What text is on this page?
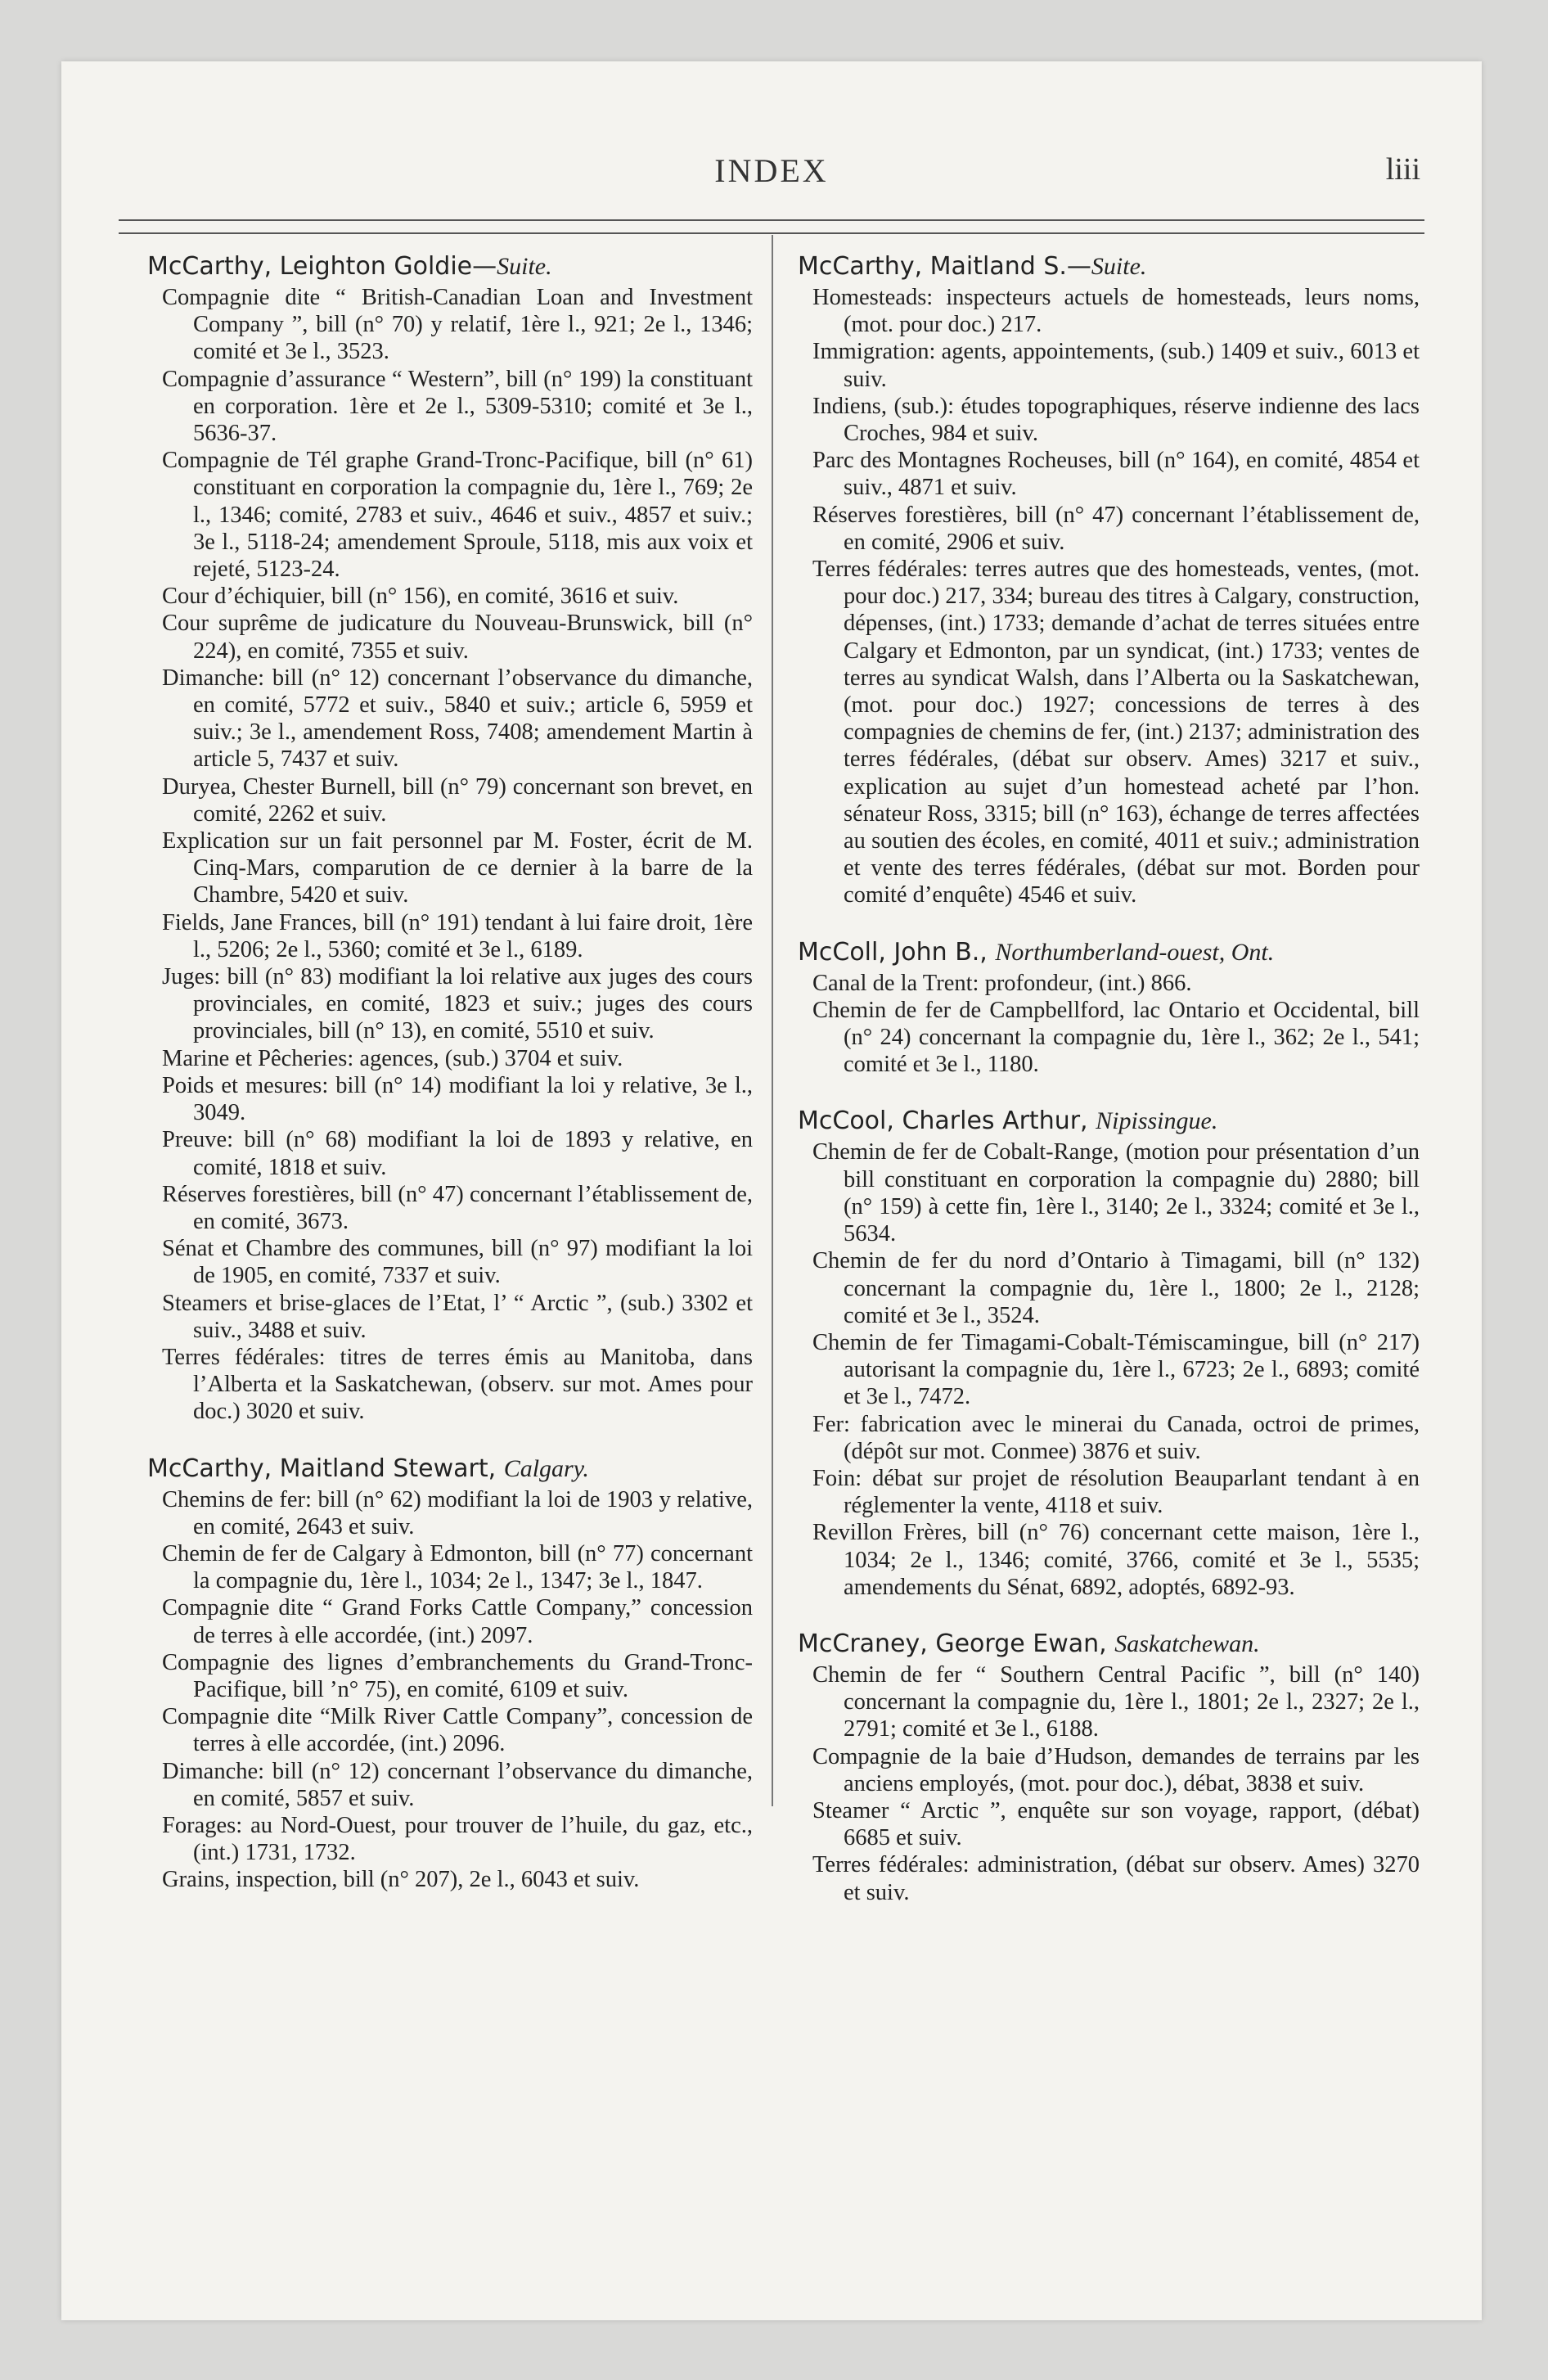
INDEX	liii
McCarthy, Leighton Goldie—Suite.
Compagnie dite “ British-Canadian Loan and Investment Company ”, bill (n° 70) y relatif, 1ère l., 921; 2e l., 1346; comité et 3e l., 3523.
Compagnie d’assurance “ Western”, bill (n° 199) la constituant en corporation. 1ère et 2e l., 5309-5310; comité et 3e l., 5636-37.
Compagnie de Tél graphe Grand-Tronc-Pacifique, bill (n° 61) constituant en corporation la compagnie du, 1ère l., 769; 2e l., 1346; comité, 2783 et suiv., 4646 et suiv., 4857 et suiv.; 3e l., 5118-24; amendement Sproule, 5118, mis aux voix et rejeté, 5123-24.
Cour d’échiquier, bill (n° 156), en comité, 3616 et suiv.
Cour suprême de judicature du Nouveau-Brunswick, bill (n° 224), en comité, 7355 et suiv.
Dimanche: bill (n° 12) concernant l’observance du dimanche, en comité, 5772 et suiv., 5840 et suiv.; article 6, 5959 et suiv.; 3e l., amendement Ross, 7408; amendement Martin à article 5, 7437 et suiv.
Duryea, Chester Burnell, bill (n° 79) concernant son brevet, en comité, 2262 et suiv.
Explication sur un fait personnel par M. Foster, écrit de M. Cinq-Mars, comparution de ce dernier à la barre de la Chambre, 5420 et suiv.
Fields, Jane Frances, bill (n° 191) tendant à lui faire droit, 1ère l., 5206; 2e l., 5360; comité et 3e l., 6189.
Juges: bill (n° 83) modifiant la loi relative aux juges des cours provinciales, en comité, 1823 et suiv.; juges des cours provinciales, bill (n° 13), en comité, 5510 et suiv.
Marine et Pêcheries: agences, (sub.) 3704 et suiv.
Poids et mesures: bill (n° 14) modifiant la loi y relative, 3e l., 3049.
Preuve: bill (n° 68) modifiant la loi de 1893 y relative, en comité, 1818 et suiv.
Réserves forestières, bill (n° 47) concernant l’établissement de, en comité, 3673.
Sénat et Chambre des communes, bill (n° 97) modifiant la loi de 1905, en comité, 7337 et suiv.
Steamers et brise-glaces de l’Etat, l’ “ Arctic ”, (sub.) 3302 et suiv., 3488 et suiv.
Terres fédérales: titres de terres émis au Manitoba, dans l’Alberta et la Saskatchewan, (observ. sur mot. Ames pour doc.) 3020 et suiv.
McCarthy, Maitland Stewart, Calgary.
Chemins de fer: bill (n° 62) modifiant la loi de 1903 y relative, en comité, 2643 et suiv.
Chemin de fer de Calgary à Edmonton, bill (n° 77) concernant la compagnie du, 1ère l., 1034; 2e l., 1347; 3e l., 1847.
Compagnie dite “ Grand Forks Cattle Company,” concession de terres à elle accordée, (int.) 2097.
Compagnie des lignes d’embranchements du Grand-Tronc-Pacifique, bill ’n° 75), en comité, 6109 et suiv.
Compagnie dite “Milk River Cattle Company”, concession de terres à elle accordée, (int.) 2096.
Dimanche: bill (n° 12) concernant l’observance du dimanche, en comité, 5857 et suiv.
Forages: au Nord-Ouest, pour trouver de l’huile, du gaz, etc., (int.) 1731, 1732.
Grains, inspection, bill (n° 207), 2e l., 6043 et suiv.
McCarthy, Maitland S.—Suite.
Homesteads: inspecteurs actuels de homesteads, leurs noms, (mot. pour doc.) 217.
Immigration: agents, appointements, (sub.) 1409 et suiv., 6013 et suiv.
Indiens, (sub.): études topographiques, réserve indienne des lacs Croches, 984 et suiv.
Parc des Montagnes Rocheuses, bill (n° 164), en comité, 4854 et suiv., 4871 et suiv.
Réserves forestières, bill (n° 47) concernant l’établissement de, en comité, 2906 et suiv.
Terres fédérales: terres autres que des homesteads, ventes, (mot. pour doc.) 217, 334; bureau des titres à Calgary, construction, dépenses, (int.) 1733; demande d’achat de terres situées entre Calgary et Edmonton, par un syndicat, (int.) 1733; ventes de terres au syndicat Walsh, dans l’Alberta ou la Saskatchewan, (mot. pour doc.) 1927; concessions de terres à des compagnies de chemins de fer, (int.) 2137; administration des terres fédérales, (débat sur observ. Ames) 3217 et suiv., explication au sujet d’un homestead acheté par l’hon. sénateur Ross, 3315; bill (n° 163), échange de terres affectées au soutien des écoles, en comité, 4011 et suiv.; administration et vente des terres fédérales, (débat sur mot. Borden pour comité d’enquête) 4546 et suiv.
McColl, John B., Northumberland-ouest, Ont.
Canal de la Trent: profondeur, (int.) 866.
Chemin de fer de Campbellford, lac Ontario et Occidental, bill (n° 24) concernant la compagnie du, 1ère l., 362; 2e l., 541; comité et 3e l., 1180.
McCool, Charles Arthur, Nipissingue.
Chemin de fer de Cobalt-Range, (motion pour présentation d’un bill constituant en corporation la compagnie du) 2880; bill (n° 159) à cette fin, 1ère l., 3140; 2e l., 3324; comité et 3e l., 5634.
Chemin de fer du nord d’Ontario à Timagami, bill (n° 132) concernant la compagnie du, 1ère l., 1800; 2e l., 2128; comité et 3e l., 3524.
Chemin de fer Timagami-Cobalt-Témiscamingue, bill (n° 217) autorisant la compagnie du, 1ère l., 6723; 2e l., 6893; comité et 3e l., 7472.
Fer: fabrication avec le minerai du Canada, octroi de primes, (dépôt sur mot. Conmee) 3876 et suiv.
Foin: débat sur projet de résolution Beauparlant tendant à en réglementer la vente, 4118 et suiv.
Revillon Frères, bill (n° 76) concernant cette maison, 1ère l., 1034; 2e l., 1346; comité, 3766, comité et 3e l., 5535; amendements du Sénat, 6892, adoptés, 6892-93.
McCraney, George Ewan, Saskatchewan.
Chemin de fer “ Southern Central Pacific ”, bill (n° 140) concernant la compagnie du, 1ère l., 1801; 2e l., 2327; 2e l., 2791; comité et 3e l., 6188.
Compagnie de la baie d’Hudson, demandes de terrains par les anciens employés, (mot. pour doc.), débat, 3838 et suiv.
Steamer “ Arctic ”, enquête sur son voyage, rapport, (débat) 6685 et suiv.
Terres fédérales: administration, (débat sur observ. Ames) 3270 et suiv.
